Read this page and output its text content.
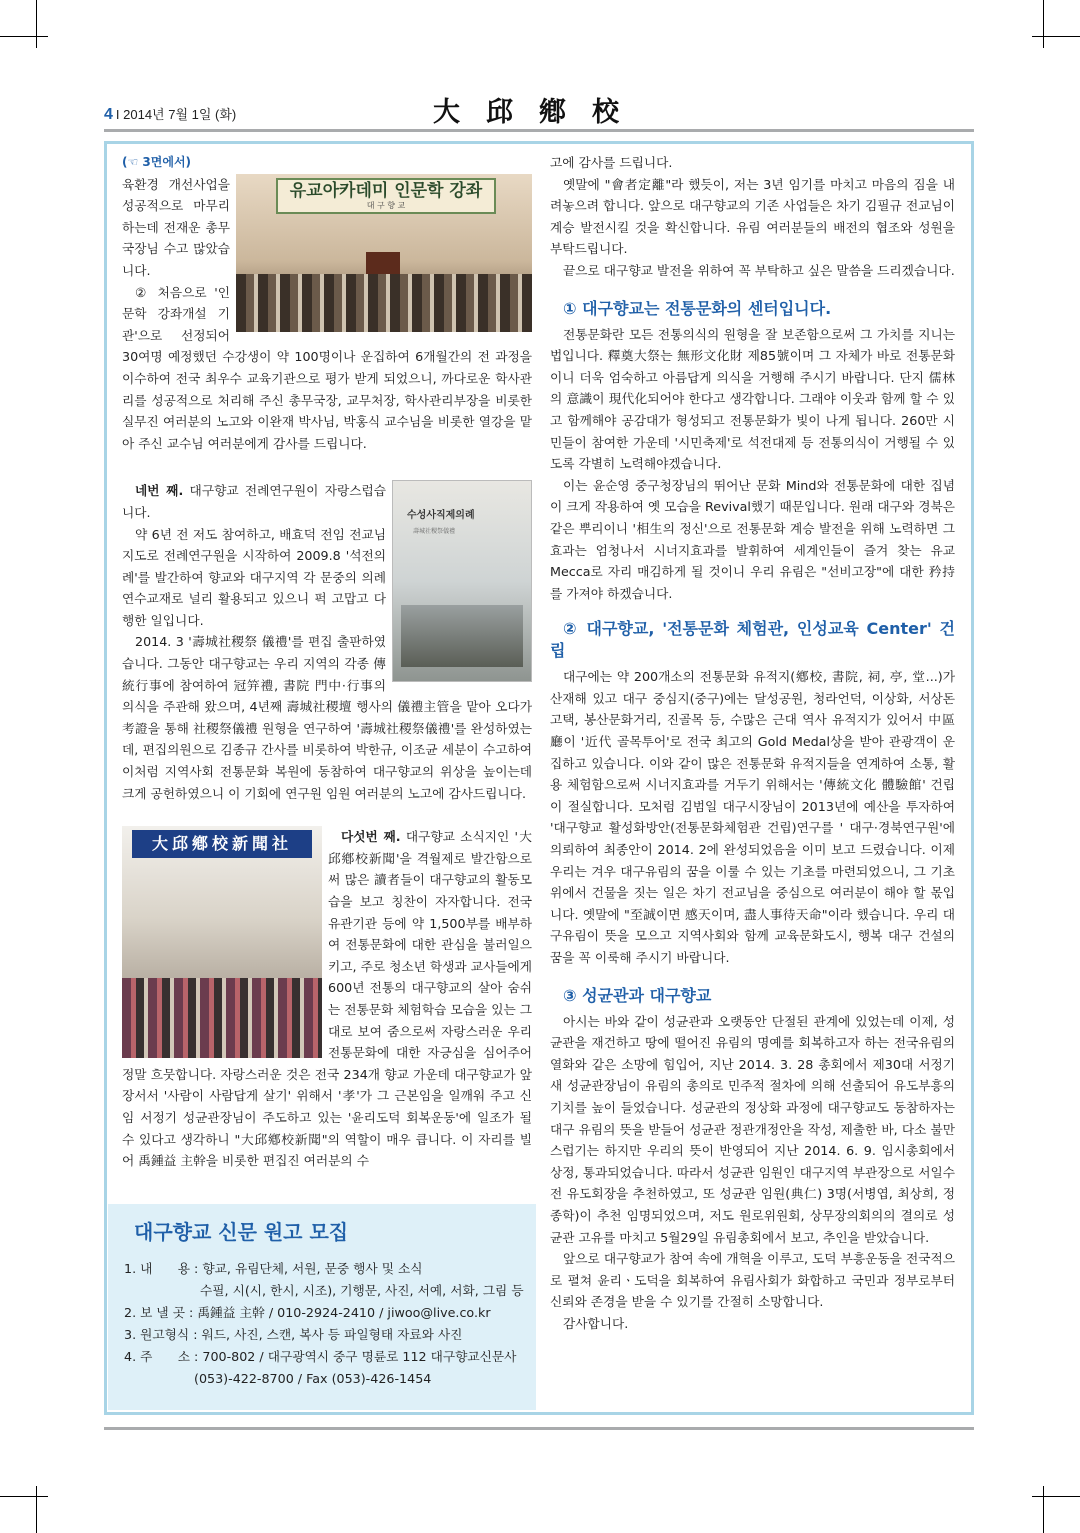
4 I 2014년 7월 1일 (화)	大邱鄕校
(☜ 3면에서)
유교아카데미 인문학 강좌
대 구 향 교

육환경 개선사업을 성공적으로 마무리 하는데 전재운 총무국장님 수고 많았습니다.

② 처음으로 '인문학 강좌개설 기관'으로 선정되어 30여명 예정했던 수강생이 약 100명이나 운집하여 6개월간의 전 과정을 이수하여 전국 최우수 교육기관으로 평가 받게 되었으니, 까다로운 학사관리를 성공적으로 처리해 주신 총무국장, 교무처장, 학사관리부장을 비롯한 실무진 여러분의 노고와 이완재 박사님, 박홍식 교수님을 비롯한 열강을 맡아 주신 교수님 여러분에게 감사를 드립니다.

수성사직제의례
壽城社稷祭儀禮

네번 째. 대구향교 전례연구원이 자랑스럽습니다.

약 6년 전 저도 참여하고, 배효덕 전임 전교님 지도로 전례연구원을 시작하여 2009.8 '석전의례'를 발간하여 향교와 대구지역 각 문중의 의례 연수교재로 널리 활용되고 있으니 퍽 고맙고 다행한 일입니다.

2014. 3 '壽城社稷祭 儀禮'를 편집 출판하였습니다. 그동안 대구향교는 우리 지역의 각종 傳統行事에 참여하여 冠笄禮, 書院 門中·行事의 의식을 주관해 왔으며, 4년째 壽城社稷壇 행사의 儀禮主管을 맡아 오다가 考證을 통해 社稷祭儀禮 원형을 연구하여 '壽城社稷祭儀禮'를 완성하였는데, 편집의원으로 김종규 간사를 비롯하여 박한규, 이조균 세분이 수고하여 이처럼 지역사회 전통문화 복원에 동참하여 대구향교의 위상을 높이는데 크게 공헌하였으니 이 기회에 연구원 임원 여러분의 노고에 감사드립니다.

大邱鄕校新聞社	다섯번 째. 대구향교 소식지인 '大邱鄕校新聞'을 격월제로 발간함으로써 많은 讀者들이 대구향교의 활동모습을 보고 칭찬이 자자합니다. 전국 유관기관 등에 약 1,500부를 배부하여 전통문화에 대한 관심을 불러일으키고, 주로 청소년 학생과 교사들에게 600년 전통의 대구향교의 살아 숨쉬는 전통문화 체험학습 모습을 있는 그대로 보여 줌으로써 자랑스러운 우리 전통문화에 대한 자긍심을 심어주어 정말 흐뭇합니다. 자랑스러운 것은 전국 234개 향교 가운데 대구향교가 앞장서서 '사람이 사람답게 살기' 위해서 '孝'가 그 근본임을 일깨워 주고 신임 서정기 성균관장님이 주도하고 있는 '윤리도덕 회복운동'에 일조가 될 수 있다고 생각하니 "大邱鄕校新聞"의 역할이 매우 큽니다. 이 자리를 빌어 禹鍾益 主幹을 비롯한 편집진 여러분의 수

대구향교 신문 원고 모집
1. 내　　용 : 향교, 유림단체, 서원, 문중 행사 및 소식
수필, 시(시, 한시, 시조), 기행문, 사진, 서예, 서화, 그림 등
2. 보 낼 곳 : 禹鍾益 主幹 / 010-2924-2410 / jiwoo@live.co.kr
3. 원고형식 : 워드, 사진, 스캔, 복사 등 파일형태 자료와 사진
4. 주　　소 : 700-802 / 대구광역시 중구 명륜로 112 대구향교신문사
(053)-422-8700 / Fax (053)-426-1454

고에 감사를 드립니다.

옛말에 "會者定離"라 했듯이, 저는 3년 임기를 마치고 마음의 짐을 내려놓으려 합니다. 앞으로 대구향교의 기존 사업들은 차기 김필규 전교님이 계승 발전시킬 것을 확신합니다. 유림 여러분들의 배전의 협조와 성원을 부탁드립니다.

끝으로 대구향교 발전을 위하여 꼭 부탁하고 싶은 말씀을 드리겠습니다.

① 대구향교는 전통문화의 센터입니다.

전통문화란 모든 전통의식의 원형을 잘 보존함으로써 그 가치를 지니는 법입니다. 釋奠大祭는 無形文化財 제85號이며 그 자체가 바로 전통문화이니 더욱 엄숙하고 아름답게 의식을 거행해 주시기 바랍니다. 단지 儒林의 意識이 現代化되어야 한다고 생각합니다. 그래야 이웃과 함께 할 수 있고 함께해야 공감대가 형성되고 전통문화가 빛이 나게 됩니다. 260만 시민들이 참여한 가운데 '시민축제'로 석전대제 등 전통의식이 거행될 수 있도록 각별히 노력해야겠습니다.

이는 윤순영 중구청장님의 뛰어난 문화 Mind와 전통문화에 대한 집념이 크게 작용하여 옛 모습을 Revival했기 때문입니다. 원래 대구와 경북은 같은 뿌리이니 '相生의 정신'으로 전통문화 계승 발전을 위해 노력하면 그 효과는 엄청나서 시너지효과를 발휘하여 세계인들이 즐겨 찾는 유교 Mecca로 자리 매김하게 될 것이니 우리 유림은 "선비고장"에 대한 矜持를 가져야 하겠습니다.

② 대구향교, '전통문화 체험관, 인성교육 Center' 건립

대구에는 약 200개소의 전통문화 유적지(鄕校, 書院, 祠, 亭, 堂...)가 산재해 있고 대구 중심지(중구)에는 달성공원, 청라언덕, 이상화, 서상돈 고택, 봉산문화거리, 진골목 등, 수많은 근대 역사 유적지가 있어서 中區廳이 '近代 골목투어'로 전국 최고의 Gold Medal상을 받아 관광객이 운집하고 있습니다. 이와 같이 많은 전통문화 유적지들을 연계하여 소통, 활용 체험함으로써 시너지효과를 거두기 위해서는 '傳統文化 體驗館' 건립이 절실합니다. 모처럼 김범일 대구시장님이 2013년에 예산을 투자하여 '대구향교 활성화방안(전통문화체험관 건립)연구를 ' 대구·경북연구원'에 의뢰하여 최종안이 2014. 2에 완성되었음을 이미 보고 드렸습니다. 이제 우리는 겨우 대구유림의 꿈을 이룰 수 있는 기초를 마련되었으니, 그 기초 위에서 건물을 짓는 일은 차기 전교님을 중심으로 여러분이 해야 할 몫입니다. 옛말에 "至誠이면 感天이며, 盡人事待天命"이라 했습니다. 우리 대구유림이 뜻을 모으고 지역사회와 함께 교육문화도시, 행복 대구 건설의 꿈을 꼭 이룩해 주시기 바랍니다.

③ 성균관과 대구향교

아시는 바와 같이 성균관과 오랫동안 단절된 관계에 있었는데 이제, 성균관을 재건하고 땅에 떨어진 유림의 명예를 회복하고자 하는 전국유림의 열화와 같은 소망에 힘입어, 지난 2014. 3. 28 총회에서 제30대 서정기 새 성균관장님이 유림의 총의로 민주적 절차에 의해 선출되어 유도부흥의 기치를 높이 들었습니다. 성균관의 정상화 과정에 대구향교도 동참하자는 대구 유림의 뜻을 받들어 성균관 정관개정안을 작성, 제출한 바, 다소 불만스럽기는 하지만 우리의 뜻이 반영되어 지난 2014. 6. 9. 임시총회에서 상정, 통과되었습니다. 따라서 성균관 임원인 대구지역 부관장으로 서일수 전 유도회장을 추천하였고, 또 성균관 임원(典仁) 3명(서병엽, 최상희, 정종학)이 추천 임명되었으며, 저도 원로위원회, 상무장의회의의 결의로 성균관 고유를 마치고 5월29일 유림총회에서 보고, 추인을 받았습니다.

앞으로 대구향교가 참여 속에 개혁을 이루고, 도덕 부흥운동을 전국적으로 펼쳐 윤리ㆍ도덕을 회복하여 유림사회가 화합하고 국민과 정부로부터 신뢰와 존경을 받을 수 있기를 간절히 소망합니다.

감사합니다.
